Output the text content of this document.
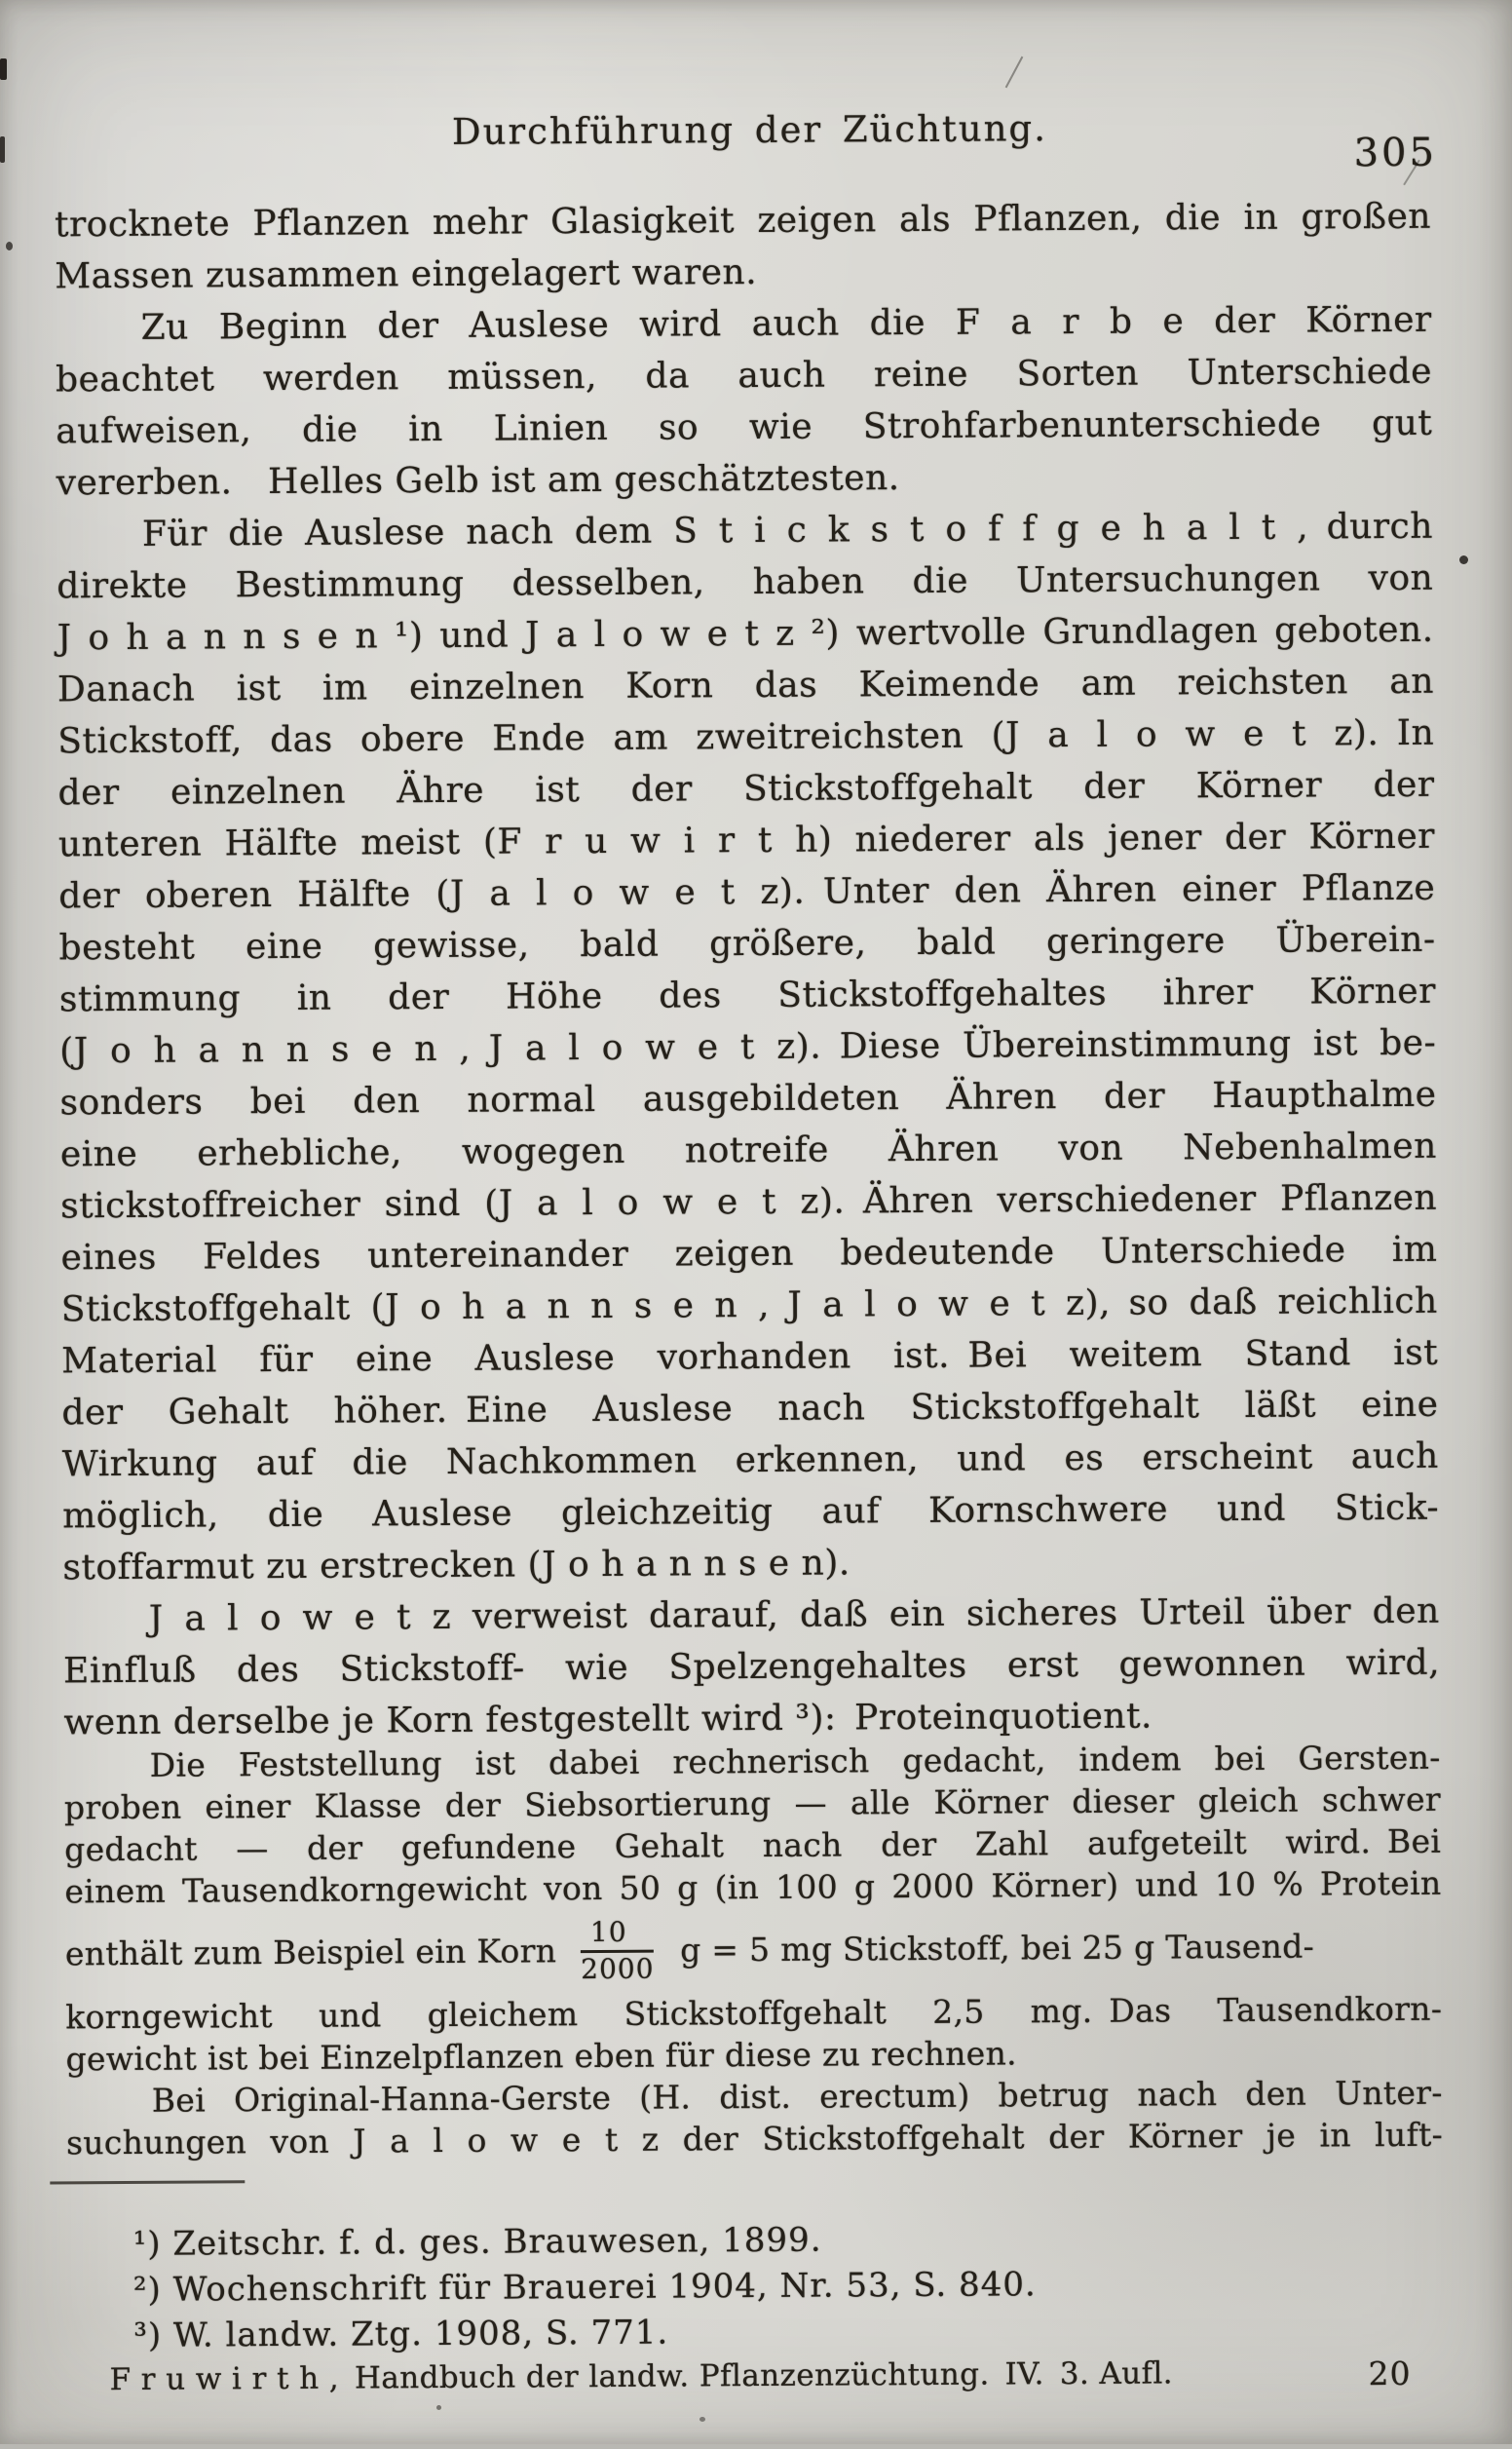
Durchführung der Züchtung.
305
trocknete Pflanzen mehr Glasigkeit zeigen als Pflanzen, die in großen
Massen zusammen eingelagert waren.
Zu Beginn der Auslese wird auch die F a r b e der Körner
beachtet werden müssen, da auch reine Sorten Unterschiede
aufweisen, die in Linien so wie Strohfarbenunterschiede gut
vererben. Helles Gelb ist am geschätztesten.
Für die Auslese nach dem S t i c k s t o f f g e h a l t , durch
direkte Bestimmung desselben, haben die Untersuchungen von
J o h a n n s e n ¹) und J a l o w e t z ²) wertvolle Grundlagen geboten.
Danach ist im einzelnen Korn das Keimende am reichsten an
Stickstoff, das obere Ende am zweitreichsten (J a l o w e t z). In
der einzelnen Ähre ist der Stickstoffgehalt der Körner der
unteren Hälfte meist (F r u w i r t h) niederer als jener der Körner
der oberen Hälfte (J a l o w e t z). Unter den Ähren einer Pflanze
besteht eine gewisse, bald größere, bald geringere Überein-
stimmung in der Höhe des Stickstoffgehaltes ihrer Körner
(J o h a n n s e n , J a l o w e t z). Diese Übereinstimmung ist be-
sonders bei den normal ausgebildeten Ähren der Haupthalme
eine erhebliche, wogegen notreife Ähren von Nebenhalmen
stickstoffreicher sind (J a l o w e t z). Ähren verschiedener Pflanzen
eines Feldes untereinander zeigen bedeutende Unterschiede im
Stickstoffgehalt (J o h a n n s e n , J a l o w e t z), so daß reichlich
Material für eine Auslese vorhanden ist. Bei weitem Stand ist
der Gehalt höher. Eine Auslese nach Stickstoffgehalt läßt eine
Wirkung auf die Nachkommen erkennen, und es erscheint auch
möglich, die Auslese gleichzeitig auf Kornschwere und Stick-
stoffarmut zu erstrecken (J o h a n n s e n).
J a l o w e t z verweist darauf, daß ein sicheres Urteil über den
Einfluß des Stickstoff- wie Spelzengehaltes erst gewonnen wird,
wenn derselbe je Korn festgestellt wird ³): Proteinquotient.
Die Feststellung ist dabei rechnerisch gedacht, indem bei Gersten-
proben einer Klasse der Siebsortierung — alle Körner dieser gleich schwer
gedacht — der gefundene Gehalt nach der Zahl aufgeteilt wird. Bei
einem Tausendkorngewicht von 50 g (in 100 g 2000 Körner) und 10 % Protein
enthält zum Beispiel ein Korn $\frac{10}{2000}$ g = 5 mg Stickstoff, bei 25 g Tausend-
korngewicht und gleichem Stickstoffgehalt 2,5 mg. Das Tausendkorn-
gewicht ist bei Einzelpflanzen eben für diese zu rechnen.
Bei Original-Hanna-Gerste (H. dist. erectum) betrug nach den Unter-
suchungen von J a l o w e t z der Stickstoffgehalt der Körner je in luft-
¹) Zeitschr. f. d. ges. Brauwesen, 1899.
²) Wochenschrift für Brauerei 1904, Nr. 53, S. 840.
³) W. landw. Ztg. 1908, S. 771.
F r u w i r t h , Handbuch der landw. Pflanzenzüchtung. IV. 3. Aufl.	20
